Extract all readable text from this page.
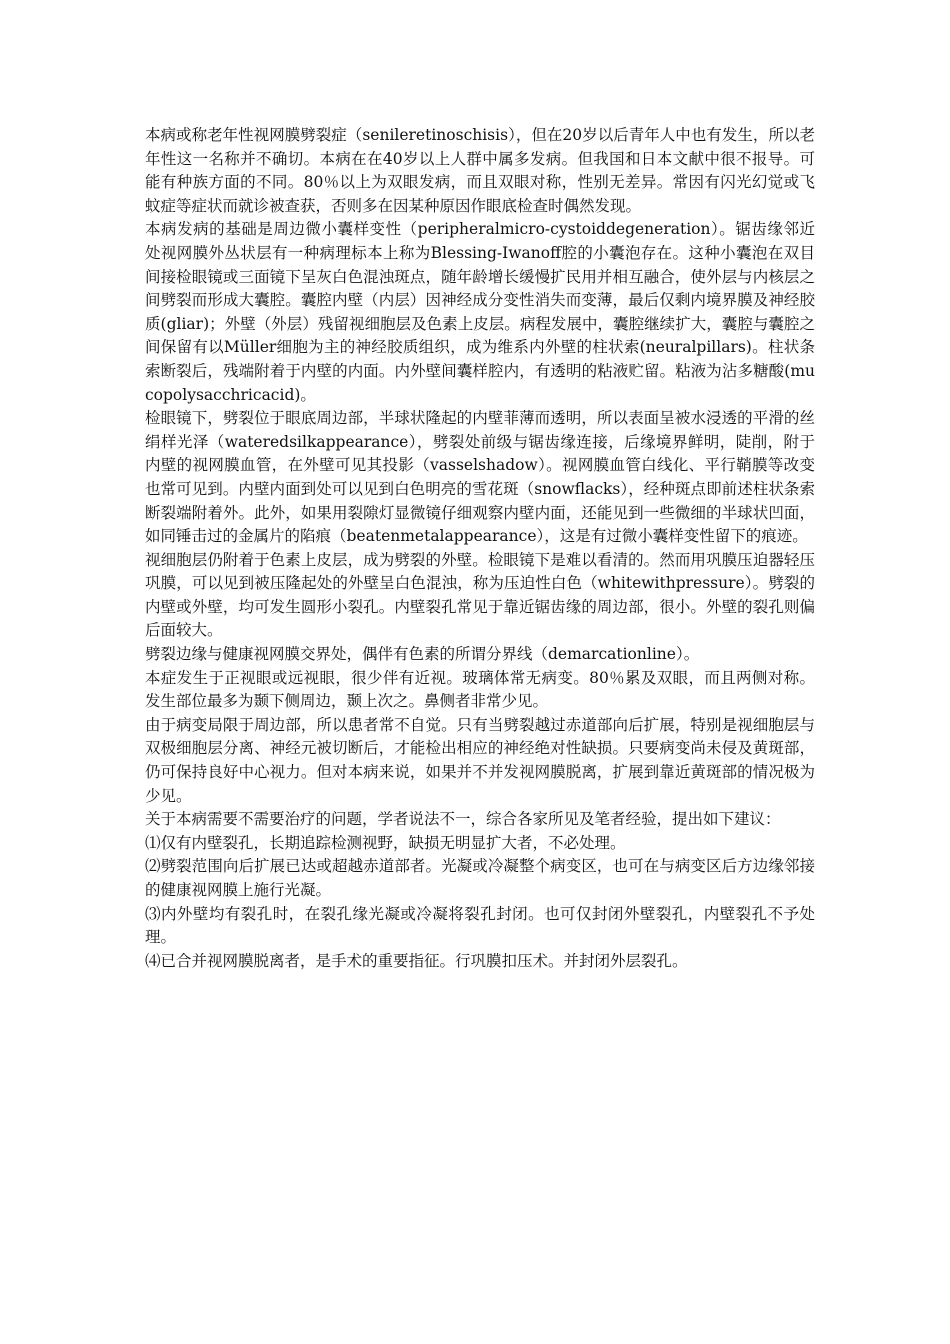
本病或称老年性视网膜劈裂症（senileretinoschisis），但在20岁以后青年人中也有发生，所以老年性这一名称并不确切。本病在在40岁以上人群中属多发病。但我国和日本文献中很不报导。可能有种族方面的不同。80％以上为双眼发病，而且双眼对称，性别无差异。常因有闪光幻觉或飞蚊症等症状而就诊被查获，否则多在因某种原因作眼底检查时偶然发现。

本病发病的基础是周边微小囊样变性（peripheralmicro-cystoiddegeneration）。锯齿缘邻近处视网膜外丛状层有一种病理标本上称为Blessing-Iwanoff腔的小囊泡存在。这种小囊泡在双目间接检眼镜或三面镜下呈灰白色混浊斑点，随年龄增长缓慢扩民用并相互融合，使外层与内核层之间劈裂而形成大囊腔。囊腔内壁（内层）因神经成分变性消失而变薄，最后仅剩内境界膜及神经胶质(gliar)；外壁（外层）残留视细胞层及色素上皮层。病程发展中，囊腔继续扩大，囊腔与囊腔之间保留有以Müller细胞为主的神经胶质组织，成为维系内外壁的柱状索(neuralpillars)。柱状条索断裂后，残端附着于内壁的内面。内外壁间囊样腔内，有透明的粘液贮留。粘液为沾多糖酸(mucopolysacchricacid)。

检眼镜下，劈裂位于眼底周边部，半球状隆起的内壁菲薄而透明，所以表面呈被水浸透的平滑的丝绢样光泽（wateredsilkappearance），劈裂处前级与锯齿缘连接，后缘境界鲜明，陡削，附于内壁的视网膜血管，在外壁可见其投影（vasselshadow）。视网膜血管白线化、平行鞘膜等改变也常可见到。内壁内面到处可以见到白色明亮的雪花斑（snowflacks），经种斑点即前述柱状条索断裂端附着外。此外，如果用裂隙灯显微镜仔细观察内壁内面，还能见到一些微细的半球状凹面，如同锤击过的金属片的陷痕（beatenmetalappearance），这是有过微小囊样变性留下的痕迹。

视细胞层仍附着于色素上皮层，成为劈裂的外壁。检眼镜下是难以看清的。然而用巩膜压迫器轻压巩膜，可以见到被压隆起处的外壁呈白色混浊，称为压迫性白色（whitewithpressure）。劈裂的内壁或外壁，均可发生圆形小裂孔。内壁裂孔常见于靠近锯齿缘的周边部，很小。外壁的裂孔则偏后面较大。

劈裂边缘与健康视网膜交界处，偶伴有色素的所谓分界线（demarcationline）。

本症发生于正视眼或远视眼，很少伴有近视。玻璃体常无病变。80％累及双眼，而且两侧对称。发生部位最多为颞下侧周边，颞上次之。鼻侧者非常少见。

由于病变局限于周边部，所以患者常不自觉。只有当劈裂越过赤道部向后扩展，特别是视细胞层与双极细胞层分离、神经元被切断后，才能检出相应的神经绝对性缺损。只要病变尚未侵及黄斑部，仍可保持良好中心视力。但对本病来说，如果并不并发视网膜脱离，扩展到靠近黄斑部的情况极为少见。

关于本病需要不需要治疗的问题，学者说法不一，综合各家所见及笔者经验，提出如下建议：

⑴仅有内壁裂孔，长期追踪检测视野，缺损无明显扩大者，不必处理。

⑵劈裂范围向后扩展已达或超越赤道部者。光凝或冷凝整个病变区，也可在与病变区后方边缘邻接的健康视网膜上施行光凝。

⑶内外壁均有裂孔时，在裂孔缘光凝或冷凝将裂孔封闭。也可仅封闭外壁裂孔，内壁裂孔不予处理。

⑷已合并视网膜脱离者，是手术的重要指征。行巩膜扣压术。并封闭外层裂孔。
